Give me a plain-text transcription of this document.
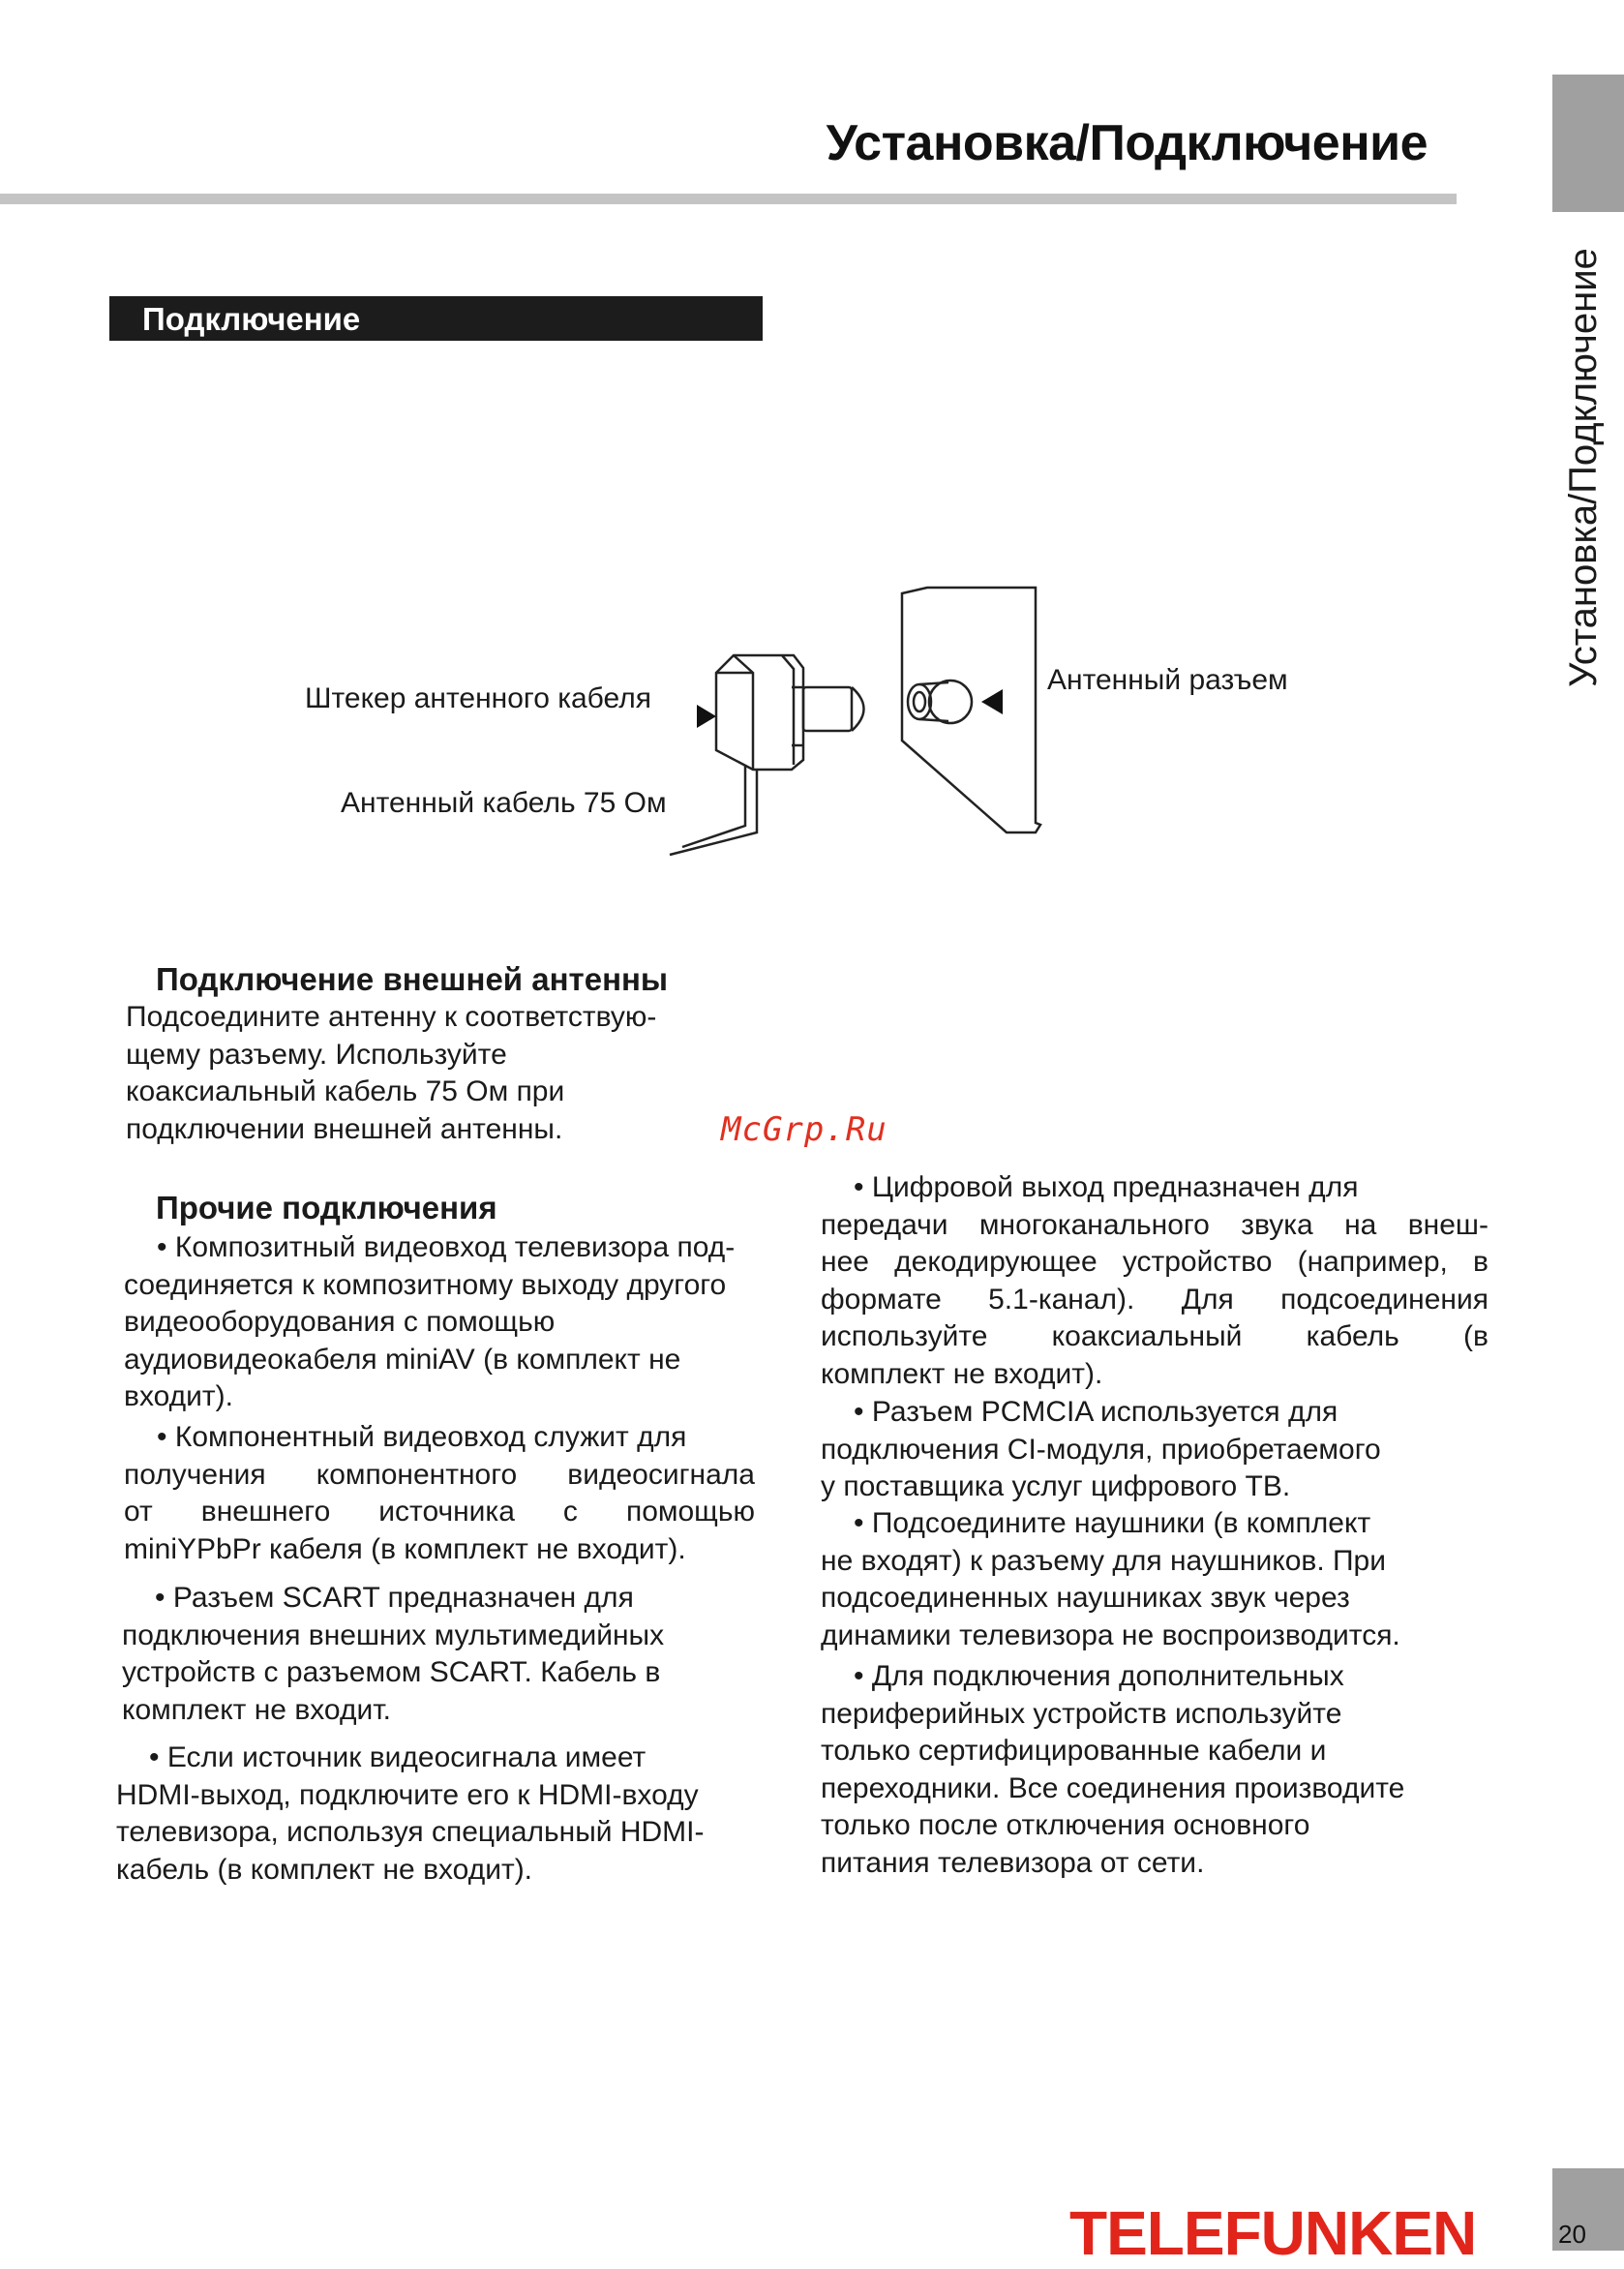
Установка/Подключение
Установка/Подключение
Подключение
Штекер антенного кабеля
Антенный кабель 75 Ом
Антенный разъем
Подключение внешней антенны

Подсоедините антенну к соответствую-

щему разъему. Используйте

коаксиальный кабель 75 Ом при

подключении внешней антенны.	McGrp.Ru
Прочие подключения

• Композитный видеовход телевизора под-

соединяется к композитному выходу другого

видеооборудования с помощью

аудиовидеокабеля miniAV (в комплект не

входит).

• Компонентный видеовход служит для

получения компонентного видеосигнала

от внешнего источника с помощью

miniYPbPr кабеля (в комплект не входит).

• Разъем SCART предназначен для

подключения внешних мультимедийных

устройств с разъемом SCART. Кабель в

комплект не входит.

• Если источник видеосигнала имеет

HDMI-выход, подключите его к HDMI-входу

телевизора, используя специальный HDMI-

кабель (в комплект не входит).

• Цифровой выход предназначен для

передачи многоканального звука на внеш-

нее декодирующее устройство (например, в

формате 5.1-канал). Для подсоединения

используйте коаксиальный кабель (в

комплект не входит).

• Разъем PCMCIA используется для

подключения CI-модуля, приобретаемого

у поставщика услуг цифрового ТВ.

• Подсоедините наушники (в комплект

не входят) к разъему для наушников. При

подсоединенных наушниках звук через

динамики телевизора не воспроизводится.

• Для подключения дополнительных

периферийных устройств используйте

только сертифицированные кабели и

переходники. Все соединения производите

только после отключения основного

питания телевизора от сети.

TELEFUNKEN	20
